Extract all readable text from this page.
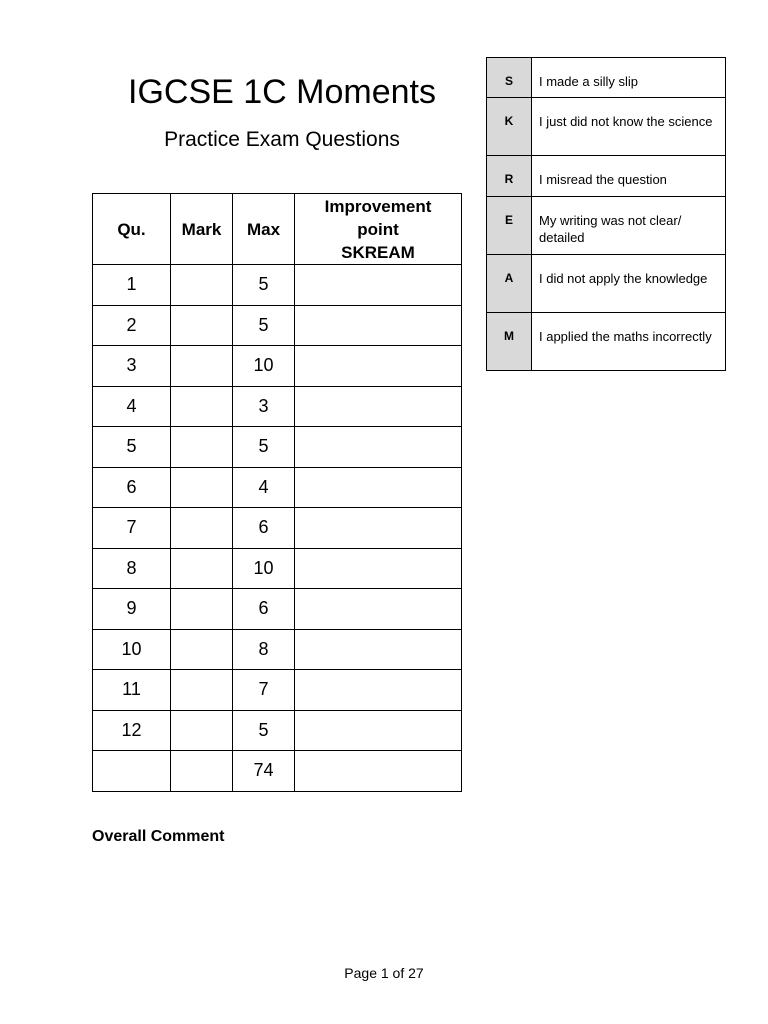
IGCSE 1C Moments
Practice Exam Questions
Qu.	Mark	Max	Improvement
point
SKREAM

1		5	
2		5	
3		10	
4		3	
5		5	
6		4	
7		6	
8		10	
9		6	
10		8	
11		7	
12		5	
		74	
S	I made a silly slip
K	I just did not know the science
R	I misread the question
E	My writing was not clear/ detailed
A	I did not apply the knowledge
M	I applied the maths incorrectly
Overall Comment
Page 1 of 27
